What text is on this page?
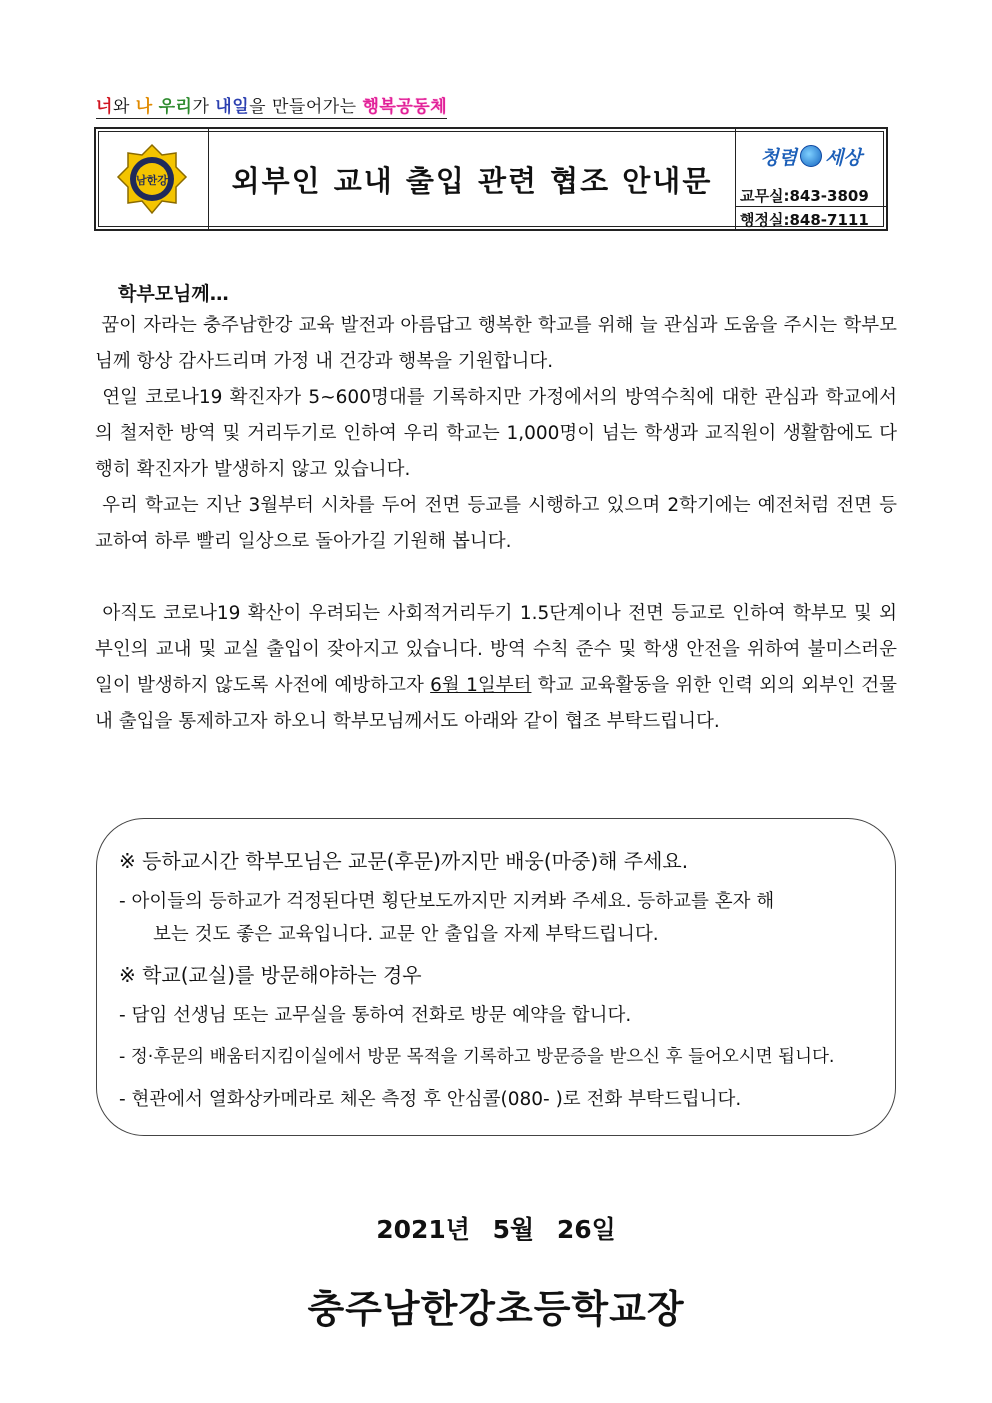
너와 나 우리가 내일을 만들어가는 행복공동체
남한강	외부인 교내 출입 관련 협조 안내문
청렴 세상
교무실:843-3809
행정실:848-7111
학부모님께…

꿈이 자라는 충주남한강 교육 발전과 아름답고 행복한 학교를 위해 늘 관심과 도움을 주시는 학부모님께 항상 감사드리며 가정 내 건강과 행복을 기원합니다.

연일 코로나19 확진자가 5~600명대를 기록하지만 가정에서의 방역수칙에 대한 관심과 학교에서의 철저한 방역 및 거리두기로 인하여 우리 학교는 1,000명이 넘는 학생과 교직원이 생활함에도 다행히 확진자가 발생하지 않고 있습니다.

우리 학교는 지난 3월부터 시차를 두어 전면 등교를 시행하고 있으며 2학기에는 예전처럼 전면 등교하여 하루 빨리 일상으로 돌아가길 기원해 봅니다.

아직도 코로나19 확산이 우려되는 사회적거리두기 1.5단계이나 전면 등교로 인하여 학부모 및 외부인의 교내 및 교실 출입이 잦아지고 있습니다. 방역 수칙 준수 및 학생 안전을 위하여 불미스러운 일이 발생하지 않도록 사전에 예방하고자 6월 1일부터 학교 교육활동을 위한 인력 외의 외부인 건물 내 출입을 통제하고자 하오니 학부모님께서도 아래와 같이 협조 부탁드립니다.

※ 등하교시간 학부모님은 교문(후문)까지만 배웅(마중)해 주세요.
- 아이들의 등하교가 걱정된다면 횡단보도까지만 지켜봐 주세요. 등하교를 혼자 해
보는 것도 좋은 교육입니다. 교문 안 출입을 자제 부탁드립니다.
※ 학교(교실)를 방문해야하는 경우
- 담임 선생님 또는 교무실을 통하여 전화로 방문 예약을 합니다.
- 정·후문의 배움터지킴이실에서 방문 목적을 기록하고 방문증을 받으신 후 들어오시면 됩니다.
- 현관에서 열화상카메라로 체온 측정 후 안심콜(080- )로 전화 부탁드립니다.
2021년 5월 26일
충주남한강초등학교장
